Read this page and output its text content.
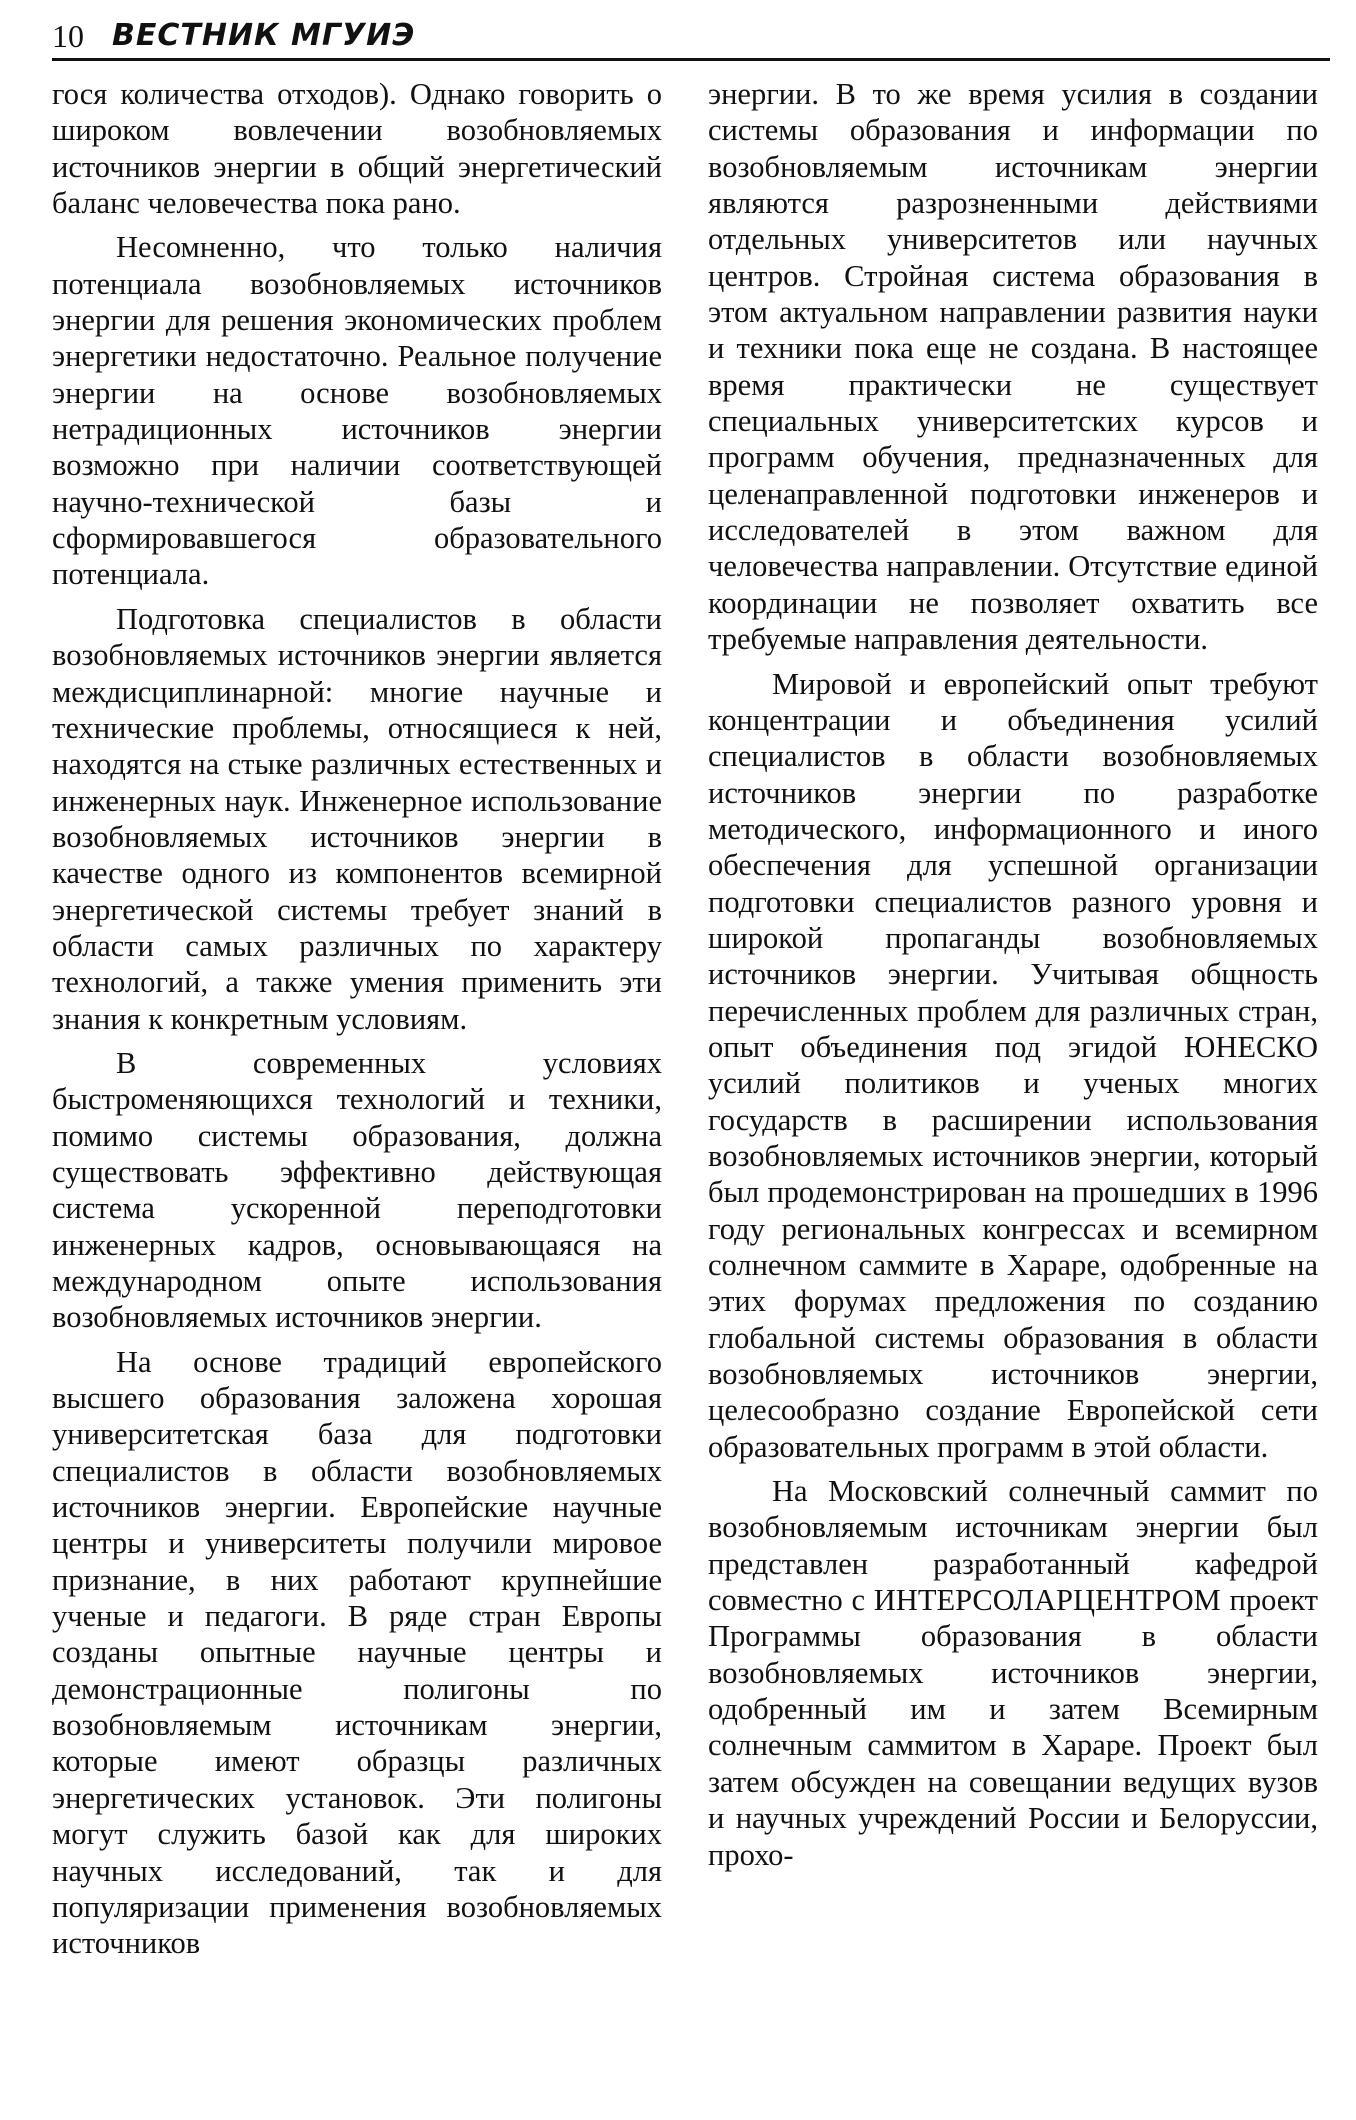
10 ВЕСТНИК МГУИЭ

гося количества отходов). Однако говорить о широком вовлечении возобновляемых источников энергии в общий энергетический баланс человечества пока рано.

Несомненно, что только наличия потенциала возобновляемых источников энергии для решения экономических проблем энергетики недостаточно. Реальное получение энергии на основе возобновляемых нетрадиционных источников энергии возможно при наличии соответствующей научно-технической базы и сформировавшегося образовательного потенциала.

Подготовка специалистов в области возобновляемых источников энергии является междисциплинарной: многие научные и технические проблемы, относящиеся к ней, находятся на стыке различных естественных и инженерных наук. Инженерное использование возобновляемых источников энергии в качестве одного из компонентов всемирной энергетической системы требует знаний в области самых различных по характеру технологий, а также умения применить эти знания к конкретным условиям.

В современных условиях быстроменяющихся технологий и техники, помимо системы образования, должна существовать эффективно действующая система ускоренной переподготовки инженерных кадров, основывающаяся на международном опыте использования возобновляемых источников энергии.

На основе традиций европейского высшего образования заложена хорошая университетская база для подготовки специалистов в области возобновляемых источников энергии. Европейские научные центры и университеты получили мировое признание, в них работают крупнейшие ученые и педагоги. В ряде стран Европы созданы опытные научные центры и демонстрационные полигоны по возобновляемым источникам энергии, которые имеют образцы различных энергетических установок. Эти полигоны могут служить базой как для широких научных исследований, так и для популяризации применения возобновляемых источников

энергии. В то же время усилия в создании системы образования и информации по возобновляемым источникам энергии являются разрозненными действиями отдельных университетов или научных центров. Стройная система образования в этом актуальном направлении развития науки и техники пока еще не создана. В настоящее время практически не существует специальных университетских курсов и программ обучения, предназначенных для целенаправленной подготовки инженеров и исследователей в этом важном для человечества направлении. Отсутствие единой координации не позволяет охватить все требуемые направления деятельности.

Мировой и европейский опыт требуют концентрации и объединения усилий специалистов в области возобновляемых источников энергии по разработке методического, информационного и иного обеспечения для успешной организации подготовки специалистов разного уровня и широкой пропаганды возобновляемых источников энергии. Учитывая общность перечисленных проблем для различных стран, опыт объединения под эгидой ЮНЕСКО усилий политиков и ученых многих государств в расширении использования возобновляемых источников энергии, который был продемонстрирован на прошедших в 1996 году региональных конгрессах и всемирном солнечном саммите в Хараре, одобренные на этих форумах предложения по созданию глобальной системы образования в области возобновляемых источников энергии, целесообразно создание Европейской сети образовательных программ в этой области.

На Московский солнечный саммит по возобновляемым источникам энергии был представлен разработанный кафедрой совместно с ИНТЕРСОЛАРЦЕНТРОМ проект Программы образования в области возобновляемых источников энергии, одобренный им и затем Всемирным солнечным саммитом в Хараре. Проект был затем обсужден на совещании ведущих вузов и научных учреждений России и Белоруссии, прохо-
